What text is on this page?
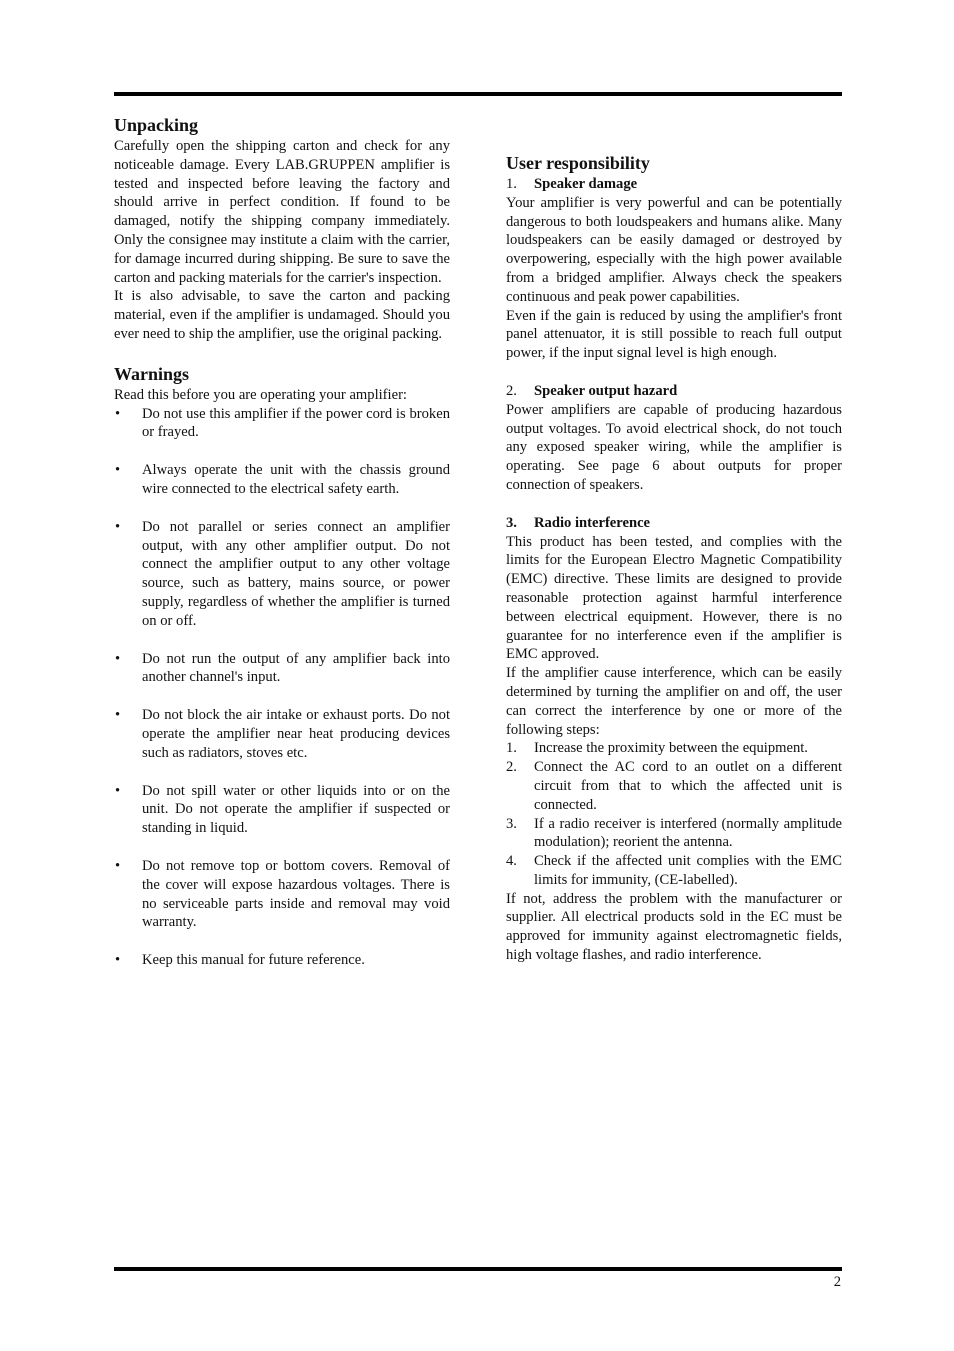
Unpacking

Carefully open the shipping carton and check for any noticeable damage. Every LAB.GRUPPEN amplifier is tested and inspected before leaving the factory and should arrive in perfect condition. If found to be damaged, notify the shipping company immediately. Only the consignee may institute a claim with the carrier, for damage incurred during shipping. Be sure to save the carton and packing materials for the carrier's inspection.

It is also advisable, to save the carton and packing material, even if the amplifier is undamaged. Should you ever need to ship the amplifier, use the original packing.

Warnings

Read this before you are operating your amplifier:

• Do not use this amplifier if the power cord is broken or frayed.
• Always operate the unit with the chassis ground wire connected to the electrical safety earth.
• Do not parallel or series connect an amplifier output, with any other amplifier output. Do not connect the amplifier output to any other voltage source, such as battery, mains source, or power supply, regardless of whether the amplifier is turned on or off.
• Do not run the output of any amplifier back into another channel's input.
• Do not block the air intake or exhaust ports. Do not operate the amplifier near heat producing devices such as radiators, stoves etc.
• Do not spill water or other liquids into or on the unit. Do not operate the amplifier if suspected or standing in liquid.
• Do not remove top or bottom covers. Removal of the cover will expose hazardous voltages. There is no serviceable parts inside and removal may void warranty.
• Keep this manual for future reference.
User responsibility
1. Speaker damage

Your amplifier is very powerful and can be potentially dangerous to both loudspeakers and humans alike. Many loudspeakers can be easily damaged or destroyed by overpowering, especially with the high power available from a bridged amplifier. Always check the speakers continuous and peak power capabilities.

Even if the gain is reduced by using the amplifier's front panel attenuator, it is still possible to reach full output power, if the input signal level is high enough.

2. Speaker output hazard

Power amplifiers are capable of producing hazardous output voltages. To avoid electrical shock, do not touch any exposed speaker wiring, while the amplifier is operating. See page 6 about outputs for proper connection of speakers.

3. Radio interference

This product has been tested, and complies with the limits for the European Electro Magnetic Compatibility (EMC) directive. These limits are designed to provide reasonable protection against harmful interference between electrical equipment. However, there is no guarantee for no interference even if the amplifier is EMC approved.

If the amplifier cause interference, which can be easily determined by turning the amplifier on and off, the user can correct the interference by one or more of the following steps:

1. Increase the proximity between the equipment.
2. Connect the AC cord to an outlet on a different circuit from that to which the affected unit is connected.
3. If a radio receiver is interfered (normally amplitude modulation); reorient the antenna.
4. Check if the affected unit complies with the EMC limits for immunity, (CE-labelled).

If not, address the problem with the manufacturer or supplier. All electrical products sold in the EC must be approved for immunity against electromagnetic fields, high voltage flashes, and radio interference.

2
